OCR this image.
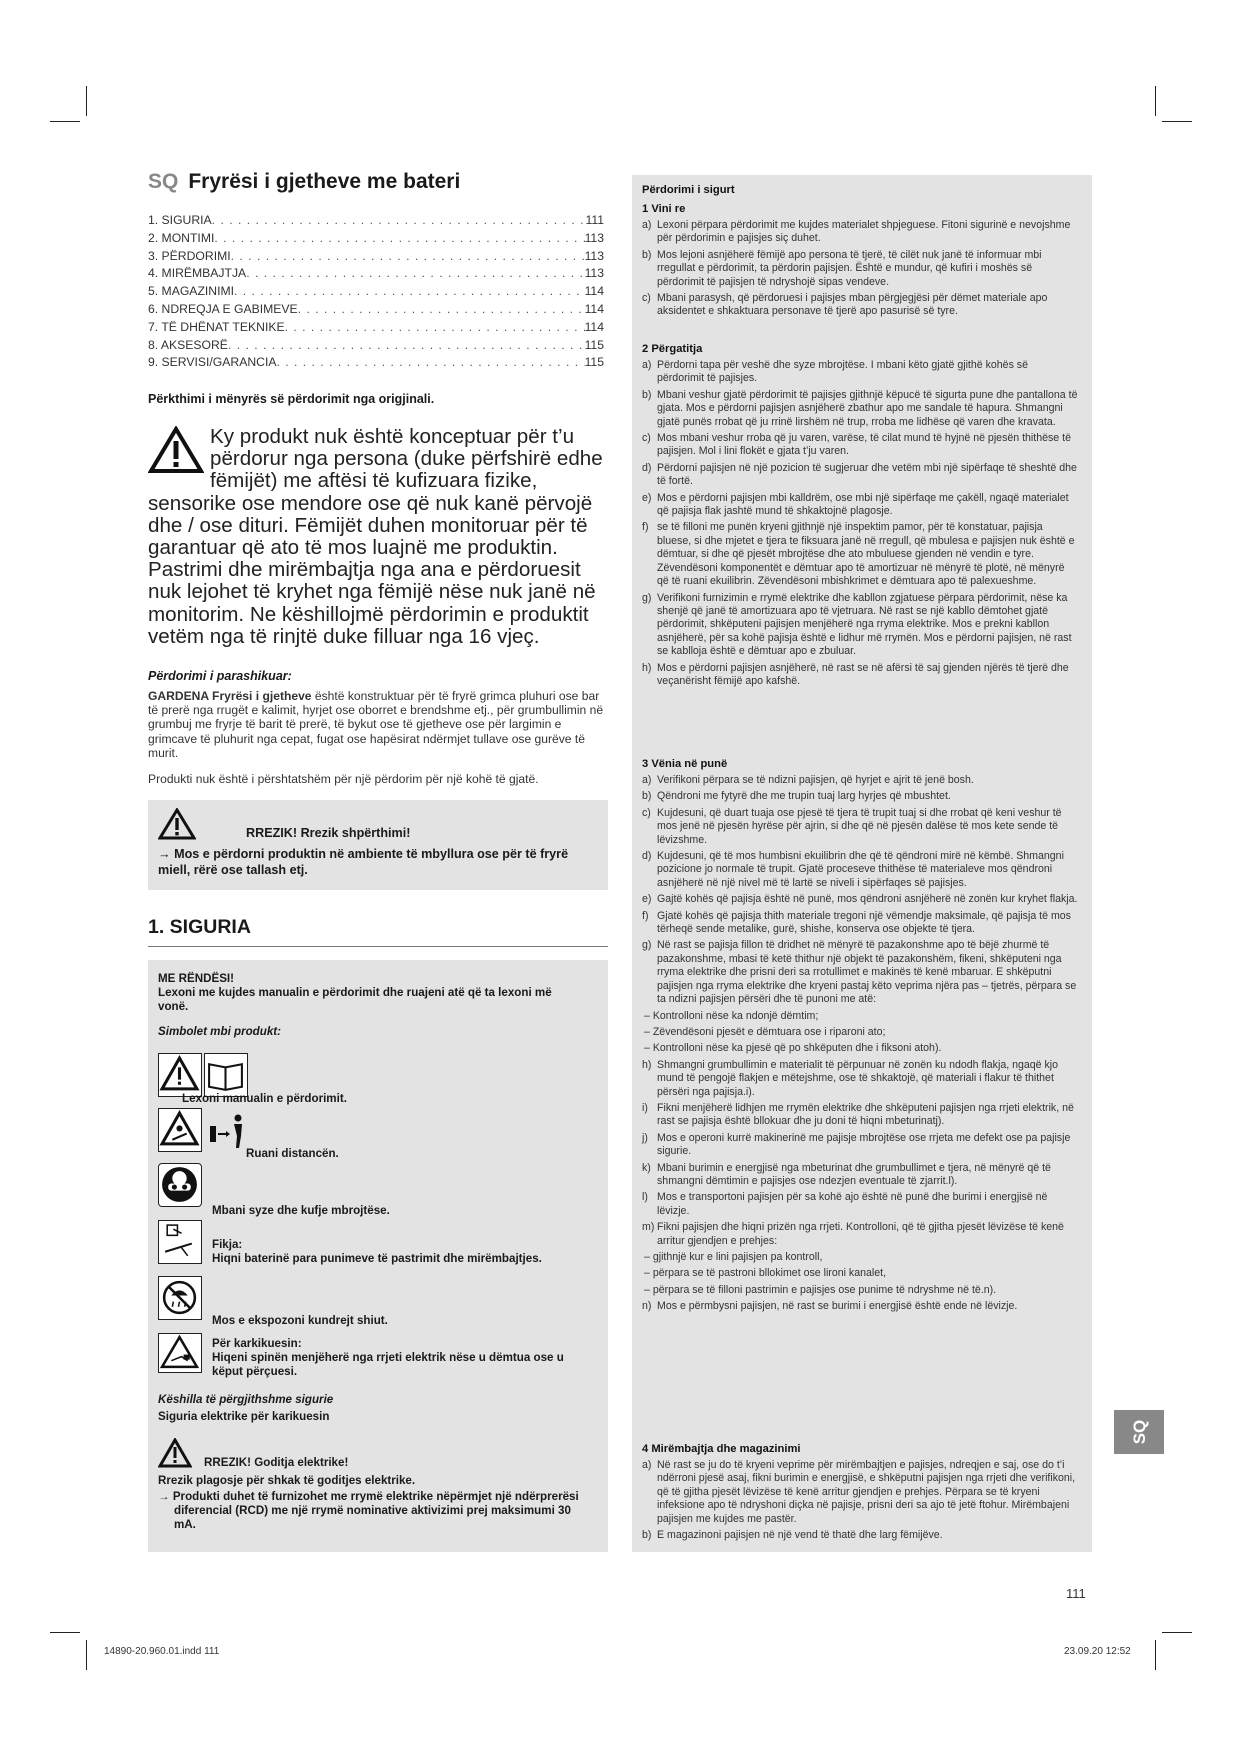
SQ Fryrësi i gjetheve me bateri
1. SIGURIA . . .	111
2. MONTIMI . . .	113
3. PËRDORIMI . . .	113
4. MIRËMBAJTJA . . .	113
5. MAGAZINIMI . . .	114
6. NDREQJA E GABIMEVE . . .	114
7. TË DHËNAT TEKNIKE . . .	114
8. AKSESORË . . .	115
9. SERVISI/GARANCIA . . .	115
Përkthimi i mënyrës së përdorimit nga origjinali.
Ky produkt nuk është konceptuar për t’u përdorur nga persona (duke përfshirë edhe fëmijët) me aftësi të kufizuara fizike, sensorike ose mendore ose që nuk kanë përvojë dhe / ose dituri. Fëmijët duhen monitoruar për të garantuar që ato të mos luajnë me produktin. Pastrimi dhe mirëmbajtja nga ana e përdoruesit nuk lejohet të kryhet nga fëmijë nëse nuk janë në monitorim. Ne këshillojmë përdorimin e produktit vetëm nga të rinjtë duke filluar nga 16 vjeç.
Përdorimi i parashikuar:
GARDENA Fryrësi i gjetheve është konstruktuar për të fryrë grimca pluhuri ose bar të prerë nga rrugët e kalimit, hyrjet ose oborret e brendshme etj., për grumbullimin në grumbuj me fryrje të barit të prerë, të bykut ose të gjetheve ose për largimin e grimcave të pluhurit nga cepat, fugat ose hapësirat ndërmjet tullave ose gurëve të murit.
Produkti nuk është i përshtatshëm për një përdorim për një kohë të gjatë.
RREZIK! Rrezik shpërthimi!
→ Mos e përdorni produktin në ambiente të mbyllura ose për të fryrë miell, rërë ose tallash etj.
1. SIGURIA
ME RËNDËSI!
Lexoni me kujdes manualin e përdorimit dhe ruajeni atë që ta lexoni më vonë.
Simbolet mbi produkt:
Lexoni manualin e përdorimit.
Ruani distancën.
Mbani syze dhe kufje mbrojtëse.
Fikja:
Hiqni baterinë para punimeve të pastrimit dhe mirëmbajtjes.
Mos e ekspozoni kundrejt shiut.
Për karkikuesin:
Hiqeni spinën menjëherë nga rrjeti elektrik nëse u dëmtua ose u këput përçuesi.
Këshilla të përgjithshme sigurie
Siguria elektrike për karikuesin
RREZIK! Goditja elektrike!
Rrezik plagosje për shkak të goditjes elektrike.
→ Produkti duhet të furnizohet me rrymë elektrike nëpërmjet një ndërprerësi diferencial (RCD) me një rrymë nominative aktivizimi prej maksimumi 30 mA.
Përdorimi i sigurt
1 Vini re
a) Lexoni përpara përdorimit me kujdes materialet shpjeguese. Fitoni sigurinë e nevojshme për përdorimin e pajisjes siç duhet.
b) Mos lejoni asnjëherë fëmijë apo persona të tjerë, të cilët nuk janë të informuar mbi rregullat e përdorimit, ta përdorin pajisjen. Është e mundur, që kufiri i moshës së përdorimit të pajisjen të ndryshojë sipas vendeve.
c) Mbani parasysh, që përdoruesi i pajisjes mban përgjegjësi për dëmet materiale apo aksidentet e shkaktuara personave të tjerë apo pasurisë së tyre.
2 Përgatitja
a) Përdorni tapa për veshë dhe syze mbrojtëse. I mbani këto gjatë gjithë kohës së përdorimit të pajisjes.
b) Mbani veshur gjatë përdorimit të pajisjes gjithnjë këpucë të sigurta pune dhe pantallona të gjata. Mos e përdorni pajisjen asnjëherë zbathur apo me sandale të hapura. Shmangni gjatë punës rrobat që ju rrinë lirshëm në trup, rroba me lidhëse që varen dhe kravata.
c) Mos mbani veshur rroba që ju varen, varëse, të cilat mund të hyjnë në pjesën thithëse të pajisjen. Mol i lini flokët e gjata t’ju varen.
d) Përdorni pajisjen në një pozicion të sugjeruar dhe vetëm mbi një sipërfaqe të sheshtë dhe të fortë.
e) Mos e përdorni pajisjen mbi kalldrëm, ose mbi një sipërfaqe me çakëll, ngaqë materialet që pajisja flak jashtë mund të shkaktojnë plagosje.
f) se të filloni me punën kryeni gjithnjë një inspektim pamor, për të konstatuar, pajisja bluese, si dhe mjetet e tjera te fiksuara janë në rregull, që mbulesa e pajisjen nuk është e dëmtuar, si dhe që pjesët mbrojtëse dhe ato mbuluese gjenden në vendin e tyre. Zëvendësoni komponentët e dëmtuar apo të amortizuar në mënyrë të plotë, në mënyrë që të ruani ekuilibrin. Zëvendësoni mbishkrimet e dëmtuara apo të palexueshme.
g) Verifikoni furnizimin e rrymë elektrike dhe kabllon zgjatuese përpara përdorimit, nëse ka shenjë që janë të amortizuara apo të vjetruara. Në rast se një kabllo dëmtohet gjatë përdorimit, shkëputeni pajisjen menjëherë nga rryma elektrike. Mos e prekni kabllon asnjëherë, për sa kohë pajisja është e lidhur më rrymën. Mos e përdorni pajisjen, në rast se kablloja është e dëmtuar apo e zbuluar.
h) Mos e përdorni pajisjen asnjëherë, në rast se në afërsi të saj gjenden njërës të tjerë dhe veçanërisht fëmijë apo kafshë.
3 Vënia në punë
a) Verifikoni përpara se të ndizni pajisjen, që hyrjet e ajrit të jenë bosh.
b) Qëndroni me fytyrë dhe me trupin tuaj larg hyrjes që mbushtet.
c) Kujdesuni, që duart tuaja ose pjesë të tjera të trupit tuaj si dhe rrobat që keni veshur të mos jenë në pjesën hyrëse për ajrin, si dhe që në pjesën dalëse të mos kete sende të lëvizshme.
d) Kujdesuni, që të mos humbisni ekuilibrin dhe që të qëndroni mirë në këmbë. Shmangni pozicione jo normale të trupit. Gjatë proceseve thithëse të materialeve mos qëndroni asnjëherë në një nivel më të lartë se niveli i sipërfaqes së pajisjes.
e) Gajtë kohës që pajisja është në punë, mos qëndroni asnjëherë në zonën kur kryhet flakja.
f) Gjatë kohës që pajisja thith materiale tregoni një vëmendje maksimale, që pajisja të mos tërheqë sende metalike, gurë, shishe, konserva ose objekte të tjera.
g) Në rast se pajisja fillon të dridhet në mënyrë të pazakonshme apo të bëjë zhurmë të pazakonshme, mbasi të ketë thithur një objekt të pazakonshëm, fikeni, shkëputeni nga rryma elektrike dhe prisni deri sa rrotullimet e makinës të kenë mbaruar. E shkëputni pajisjen nga rryma elektrike dhe kryeni pastaj këto veprima njëra pas – tjetrës, përpara se ta ndizni pajisjen përsëri dhe të punoni me atë:
– Kontrolloni nëse ka ndonjë dëmtim;
– Zëvendësoni pjesët e dëmtuara ose i riparoni ato;
– Kontrolloni nëse ka pjesë që po shkëputen dhe i fiksoni atoh).
h) Shmangni grumbullimin e materialit të përpunuar në zonën ku ndodh flakja, ngaqë kjo mund të pengojë flakjen e mëtejshme, ose të shkaktojë, që materiali i flakur të thithet përsëri nga pajisja.i).
i) Fikni menjëherë lidhjen me rrymën elektrike dhe shkëputeni pajisjen nga rrjeti elektrik, në rast se pajisja është bllokuar dhe ju doni të hiqni mbeturinatj).
j) Mos e operoni kurrë makinerinë me pajisje mbrojtëse ose rrjeta me defekt ose pa pajisje sigurie.
k) Mbani burimin e energjisë nga mbeturinat dhe grumbullimet e tjera, në mënyrë që të shmangni dëmtimin e pajisjes ose ndezjen eventuale të zjarrit.l).
l) Mos e transportoni pajisjen për sa kohë ajo është në punë dhe burimi i energjisë në lëvizje.
m) Fikni pajisjen dhe hiqni prizën nga rrjeti. Kontrolloni, që të gjitha pjesët lëvizëse të kenë arritur gjendjen e prehjes:
– gjithnjë kur e lini pajisjen pa kontroll,
– përpara se të pastroni bllokimet ose lironi kanalet,
– përpara se të filloni pastrimin e pajisjes ose punime të ndryshme në të.n).
n) Mos e përmbysni pajisjen, në rast se burimi i energjisë është ende në lëvizje.
4 Mirëmbajtja dhe magazinimi
a) Në rast se ju do të kryeni veprime për mirëmbajtjen e pajisjes, ndreqjen e saj, ose do t’i ndërroni pjesë asaj, fikni burimin e energjisë, e shkëputni pajisjen nga rrjeti dhe verifikoni, që të gjitha pjesët lëvizëse të kenë arritur gjendjen e prehjes. Përpara se të kryeni infeksione apo të ndryshoni diçka në pajisje, prisni deri sa ajo të jetë ftohur. Mirëmbajeni pajisjen me kujdes me pastër.
b) E magazinoni pajisjen në një vend të thatë dhe larg fëmijëve.
SQ
111
14890-20.960.01.indd 111	23.09.20 12:52
